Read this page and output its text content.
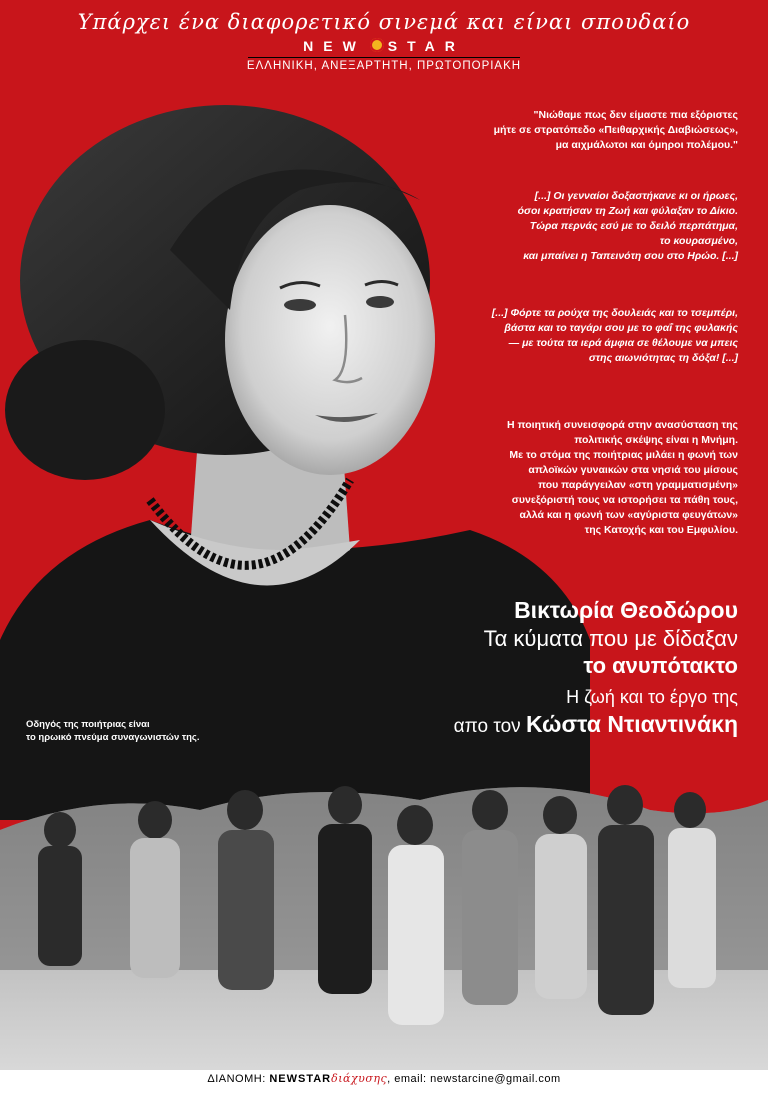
Υπάρχει ένα διαφορετικό σινεμά και είναι σπουδαίο
NEW STAR
ΕΛΛΗΝΙΚΗ, ΑΝΕΞΑΡΤΗΤΗ, ΠΡΩΤΟΠΟΡΙΑΚΗ
"Νιώθαμε πως δεν είμαστε πια εξόριστες
μήτε σε στρατόπεδο «Πειθαρχικής Διαβιώσεως»,
μα αιχμάλωτοι και όμηροι πολέμου."
[...] Οι γενναίοι δοξαστήκανε κι οι ήρωες,
όσοι κρατήσαν τη Ζωή και φύλαξαν το Δίκιο.
Τώρα περνάς εσύ με το δειλό περπάτημα,
το κουρασμένο,
και μπαίνει η Ταπεινότη σου στο Ηρώο. [...]
[...] Φόρτε τα ρούχα της δουλειάς και το τσεμπέρι,
βάστα και το ταγάρι σου με το φαΐ της φυλακής
— με τούτα τα ιερά άμφια σε θέλουμε να μπεις
στης αιωνιότητας τη δόξα! [...]
Η ποιητική συνεισφορά στην ανασύσταση της
πολιτικής σκέψης είναι η Μνήμη.
Με το στόμα της ποιήτριας μιλάει η φωνή των
απλοϊκών γυναικών στα νησιά του μίσους
που παράγγειλαν «στη γραμματισμένη»
συνεξόριστή τους να ιστορήσει τα πάθη τους,
αλλά και η φωνή των «αγύριστα φευγάτων»
της Κατοχής και του Εμφυλίου.
Βικτωρία Θεοδώρου
Τα κύματα που με δίδαξαν
το ανυπότακτο
Η ζωή και το έργο της
απο τον Κώστα Ντιαντινάκη
Οδηγός της ποιήτριας είναι
το ηρωικό πνεύμα συναγωνιστών της.
ΔΙΑΝΟΜΗ: NEWSTARδιάχυσης, email: newstarcine@gmail.com
